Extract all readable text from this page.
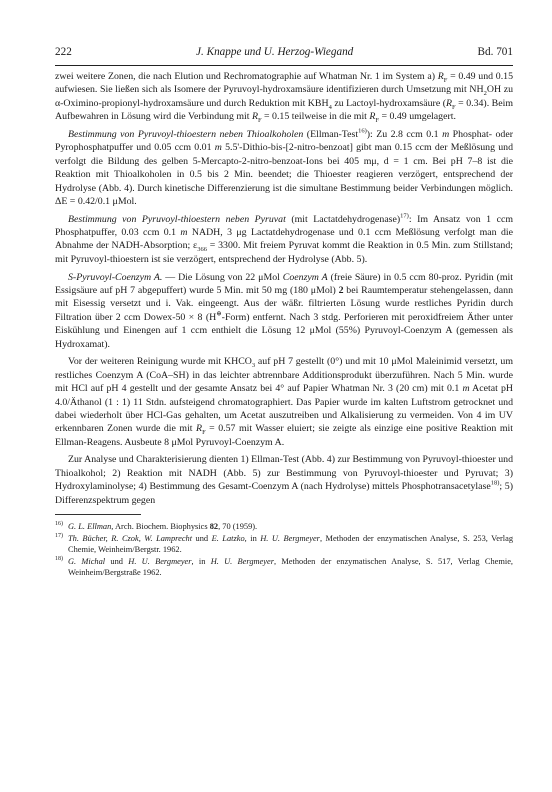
222	J. Knappe und U. Herzog-Wiegand	Bd. 701

zwei weitere Zonen, die nach Elution und Rechromatographie auf Whatman Nr. 1 im System a) $R_F = 0.49$ und 0.15 aufwiesen. Sie ließen sich als Isomere der Pyruvoyl-hydroxamsäure identifizieren durch Umsetzung mit $NH_2OH$ zu α-Oximino-propionyl-hydroxamsäure und durch Reduktion mit $KBH_4$ zu Lactoyl-hydroxamsäure $(R_F = 0.34)$. Beim Aufbewahren in Lösung wird die Verbindung mit $R_F = 0.15$ teilweise in die mit $R_F = 0.49$ umgelagert.

Bestimmung von Pyruvoyl-thioestern neben Thioalkoholen (Ellman-Test$^{16)}$): Zu 2.8 ccm 0.1 m Phosphat- oder Pyrophosphatpuffer und 0.05 ccm 0.01 m 5.5'-Dithio-bis-[2-nitro-benzoat] gibt man 0.15 ccm der Meßlösung und verfolgt die Bildung des gelben 5-Mercapto-2-nitro-benzoat-Ions bei 405 mμ, d = 1 cm. Bei pH 7–8 ist die Reaktion mit Thioalkoholen in 0.5 bis 2 Min. beendet; die Thioester reagieren verzögert, entsprechend der Hydrolyse (Abb. 4). Durch kinetische Differenzierung ist die simultane Bestimmung beider Verbindungen möglich. ΔE = 0.42/0.1 μMol.

Bestimmung von Pyruvoyl-thioestern neben Pyruvat (mit Lactatdehydrogenase)$^{17)}$: Im Ansatz von 1 ccm Phosphatpuffer, 0.03 ccm 0.1 m NADH, 3 μg Lactatdehydrogenase und 0.1 ccm Meßlösung verfolgt man die Abnahme der NADH-Absorption; $\varepsilon_{366} = 3300$. Mit freiem Pyruvat kommt die Reaktion in 0.5 Min. zum Stillstand; mit Pyruvoyl-thioestern ist sie verzögert, entsprechend der Hydrolyse (Abb. 5).

S-Pyruvoyl-Coenzym A. — Die Lösung von 22 μMol Coenzym A (freie Säure) in 0.5 ccm 80-proz. Pyridin (mit Essigsäure auf pH 7 abgepuffert) wurde 5 Min. mit 50 mg (180 μMol) 2 bei Raumtemperatur stehengelassen, dann mit Eisessig versetzt und i. Vak. eingeengt. Aus der wäßr. filtrierten Lösung wurde restliches Pyridin durch Filtration über 2 ccm Dowex-50 × 8 (H⊕-Form) entfernt. Nach 3 stdg. Perforieren mit peroxidfreiem Äther unter Eiskühlung und Einengen auf 1 ccm enthielt die Lösung 12 μMol (55%) Pyruvoyl-Coenzym A (gemessen als Hydroxamat).

Vor der weiteren Reinigung wurde mit $KHCO_3$ auf pH 7 gestellt (0°) und mit 10 μMol Maleinimid versetzt, um restliches Coenzym A (CoA–SH) in das leichter abtrennbare Additionsprodukt überzuführen. Nach 5 Min. wurde mit HCl auf pH 4 gestellt und der gesamte Ansatz bei 4° auf Papier Whatman Nr. 3 (20 cm) mit 0.1 m Acetat pH 4.0/Äthanol (1 : 1) 11 Stdn. aufsteigend chromatographiert. Das Papier wurde im kalten Luftstrom getrocknet und dabei wiederholt über HCl-Gas gehalten, um Acetat auszutreiben und Alkalisierung zu vermeiden. Von 4 im UV erkennbaren Zonen wurde die mit $R_F = 0.57$ mit Wasser eluiert; sie zeigte als einzige eine positive Reaktion mit Ellman-Reagens. Ausbeute 8 μMol Pyruvoyl-Coenzym A.

Zur Analyse und Charakterisierung dienten 1) Ellman-Test (Abb. 4) zur Bestimmung von Pyruvoyl-thioester und Thioalkohol; 2) Reaktion mit NADH (Abb. 5) zur Bestimmung von Pyruvoyl-thioester und Pyruvat; 3) Hydroxylaminolyse; 4) Bestimmung des Gesamt-Coenzym A (nach Hydrolyse) mittels Phosphotransacetylase$^{18)}$; 5) Differenzspektrum gegen

$^{16)}$ G. L. Ellman, Arch. Biochem. Biophysics 82, 70 (1959).
$^{17)}$ Th. Bücher, R. Czok, W. Lamprecht und E. Latzko, in H. U. Bergmeyer, Methoden der enzymatischen Analyse, S. 253, Verlag Chemie, Weinheim/Bergstr. 1962.
$^{18)}$ G. Michal und H. U. Bergmeyer, in H. U. Bergmeyer, Methoden der enzymatischen Analyse, S. 517, Verlag Chemie, Weinheim/Bergstraße 1962.
